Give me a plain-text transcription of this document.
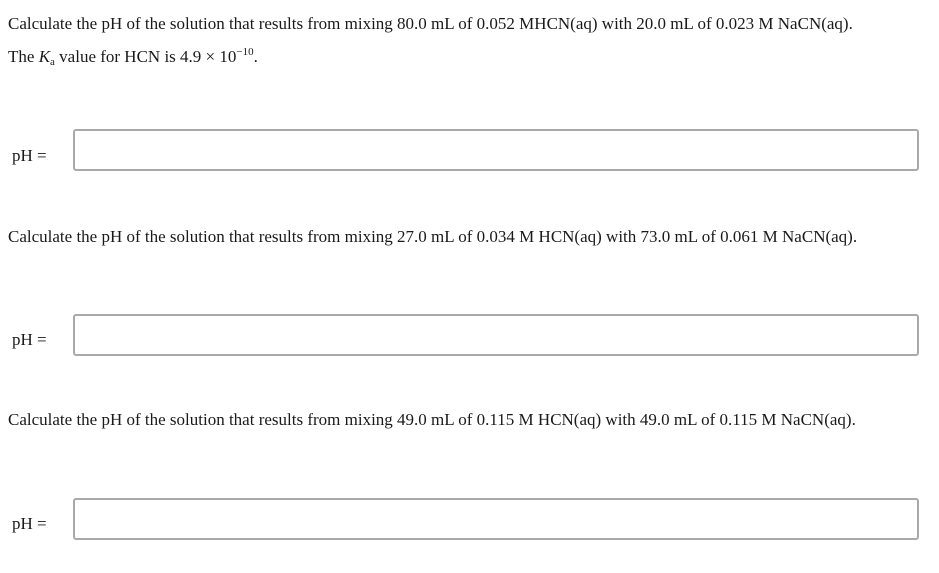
Calculate the pH of the solution that results from mixing 80.0 mL of 0.052 MHCN(aq) with 20.0 mL of 0.023 M NaCN(aq).
The Ka value for HCN is $4.9 \times 10^{-10}$.
pH =
Calculate the pH of the solution that results from mixing 27.0 mL of 0.034 M HCN(aq) with 73.0 mL of 0.061 M NaCN(aq).
pH =
Calculate the pH of the solution that results from mixing 49.0 mL of 0.115 M HCN(aq) with 49.0 mL of 0.115 M NaCN(aq).
pH =
